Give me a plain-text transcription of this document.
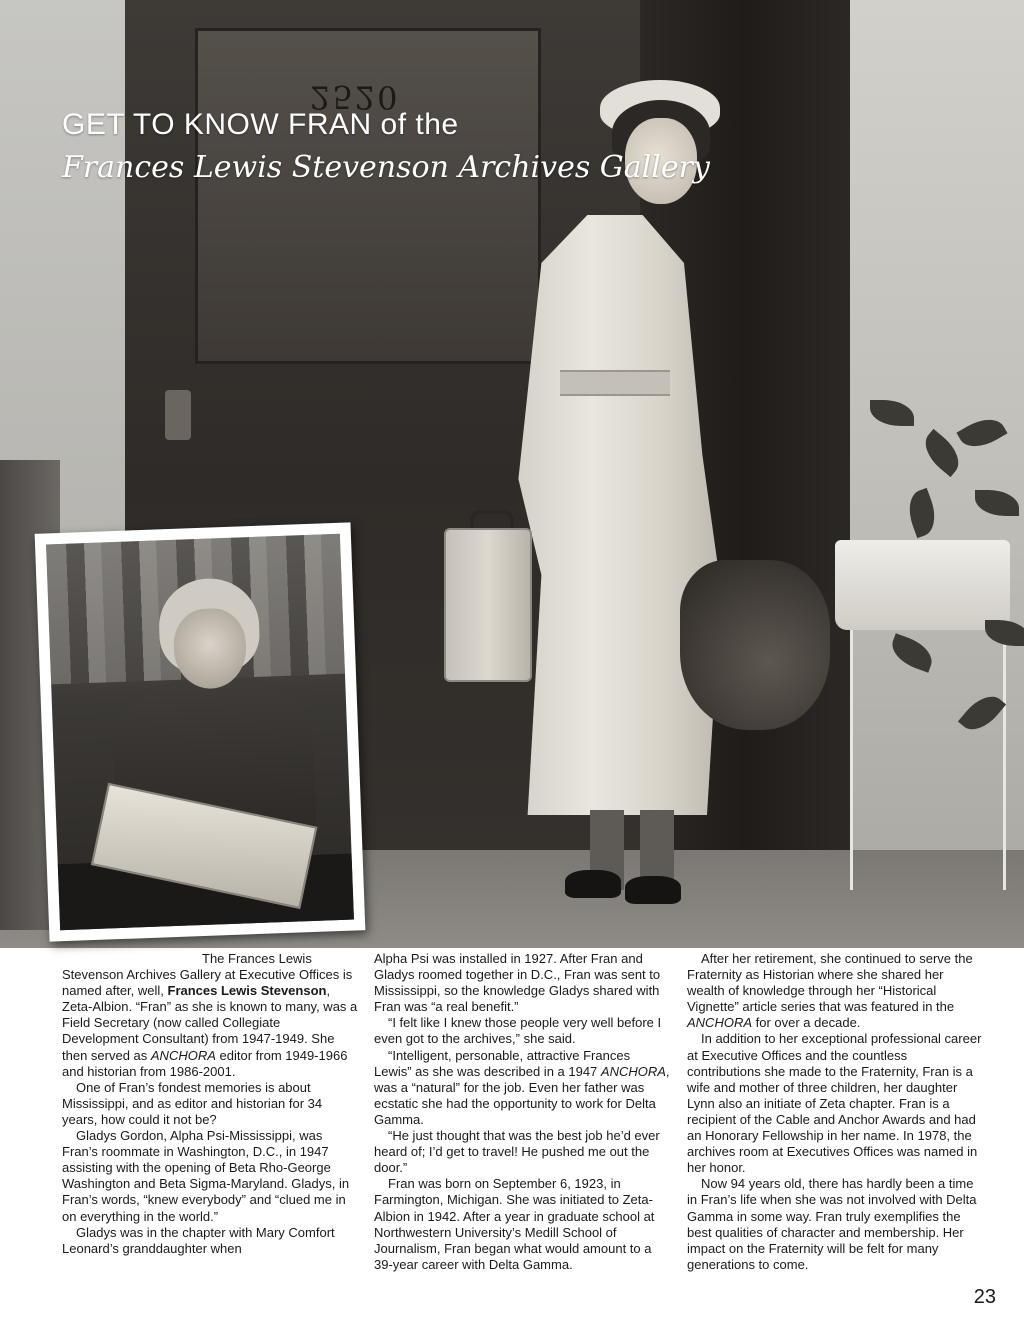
2520
GET TO KNOW FRAN of the
Frances Lewis Stevenson Archives Gallery

The Frances Lewis Stevenson Archives Gallery at Executive Offices is named after, well, Frances Lewis Stevenson, Zeta-Albion. “Fran” as she is known to many, was a Field Secretary (now called Collegiate Development Consultant) from 1947-1949. She then served as ANCHORA editor from 1949-1966 and historian from 1986-2001.

One of Fran’s fondest memories is about Mississippi, and as editor and historian for 34 years, how could it not be?

Gladys Gordon, Alpha Psi-Mississippi, was Fran’s roommate in Washington, D.C., in 1947 assisting with the opening of Beta Rho-George Washington and Beta Sigma-Maryland. Gladys, in Fran’s words, “knew everybody” and “clued me in on everything in the world.”

Gladys was in the chapter with Mary Comfort Leonard’s granddaughter when

Alpha Psi was installed in 1927. After Fran and Gladys roomed together in D.C., Fran was sent to Mississippi, so the knowledge Gladys shared with Fran was “a real benefit.”

“I felt like I knew those people very well before I even got to the archives,” she said.

“Intelligent, personable, attractive Frances Lewis” as she was described in a 1947 ANCHORA, was a “natural” for the job. Even her father was ecstatic she had the opportunity to work for Delta Gamma.

“He just thought that was the best job he’d ever heard of; I’d get to travel! He pushed me out the door.”

Fran was born on September 6, 1923, in Farmington, Michigan. She was initiated to Zeta-Albion in 1942. After a year in graduate school at Northwestern University’s Medill School of Journalism, Fran began what would amount to a 39-year career with Delta Gamma.

After her retirement, she continued to serve the Fraternity as Historian where she shared her wealth of knowledge through her “Historical Vignette” article series that was featured in the ANCHORA for over a decade.

In addition to her exceptional professional career at Executive Offices and the countless contributions she made to the Fraternity, Fran is a wife and mother of three children, her daughter Lynn also an initiate of Zeta chapter. Fran is a recipient of the Cable and Anchor Awards and had an Honorary Fellowship in her name. In 1978, the archives room at Executives Offices was named in her honor.

Now 94 years old, there has hardly been a time in Fran’s life when she was not involved with Delta Gamma in some way. Fran truly exemplifies the best qualities of character and membership. Her impact on the Fraternity will be felt for many generations to come.

23
